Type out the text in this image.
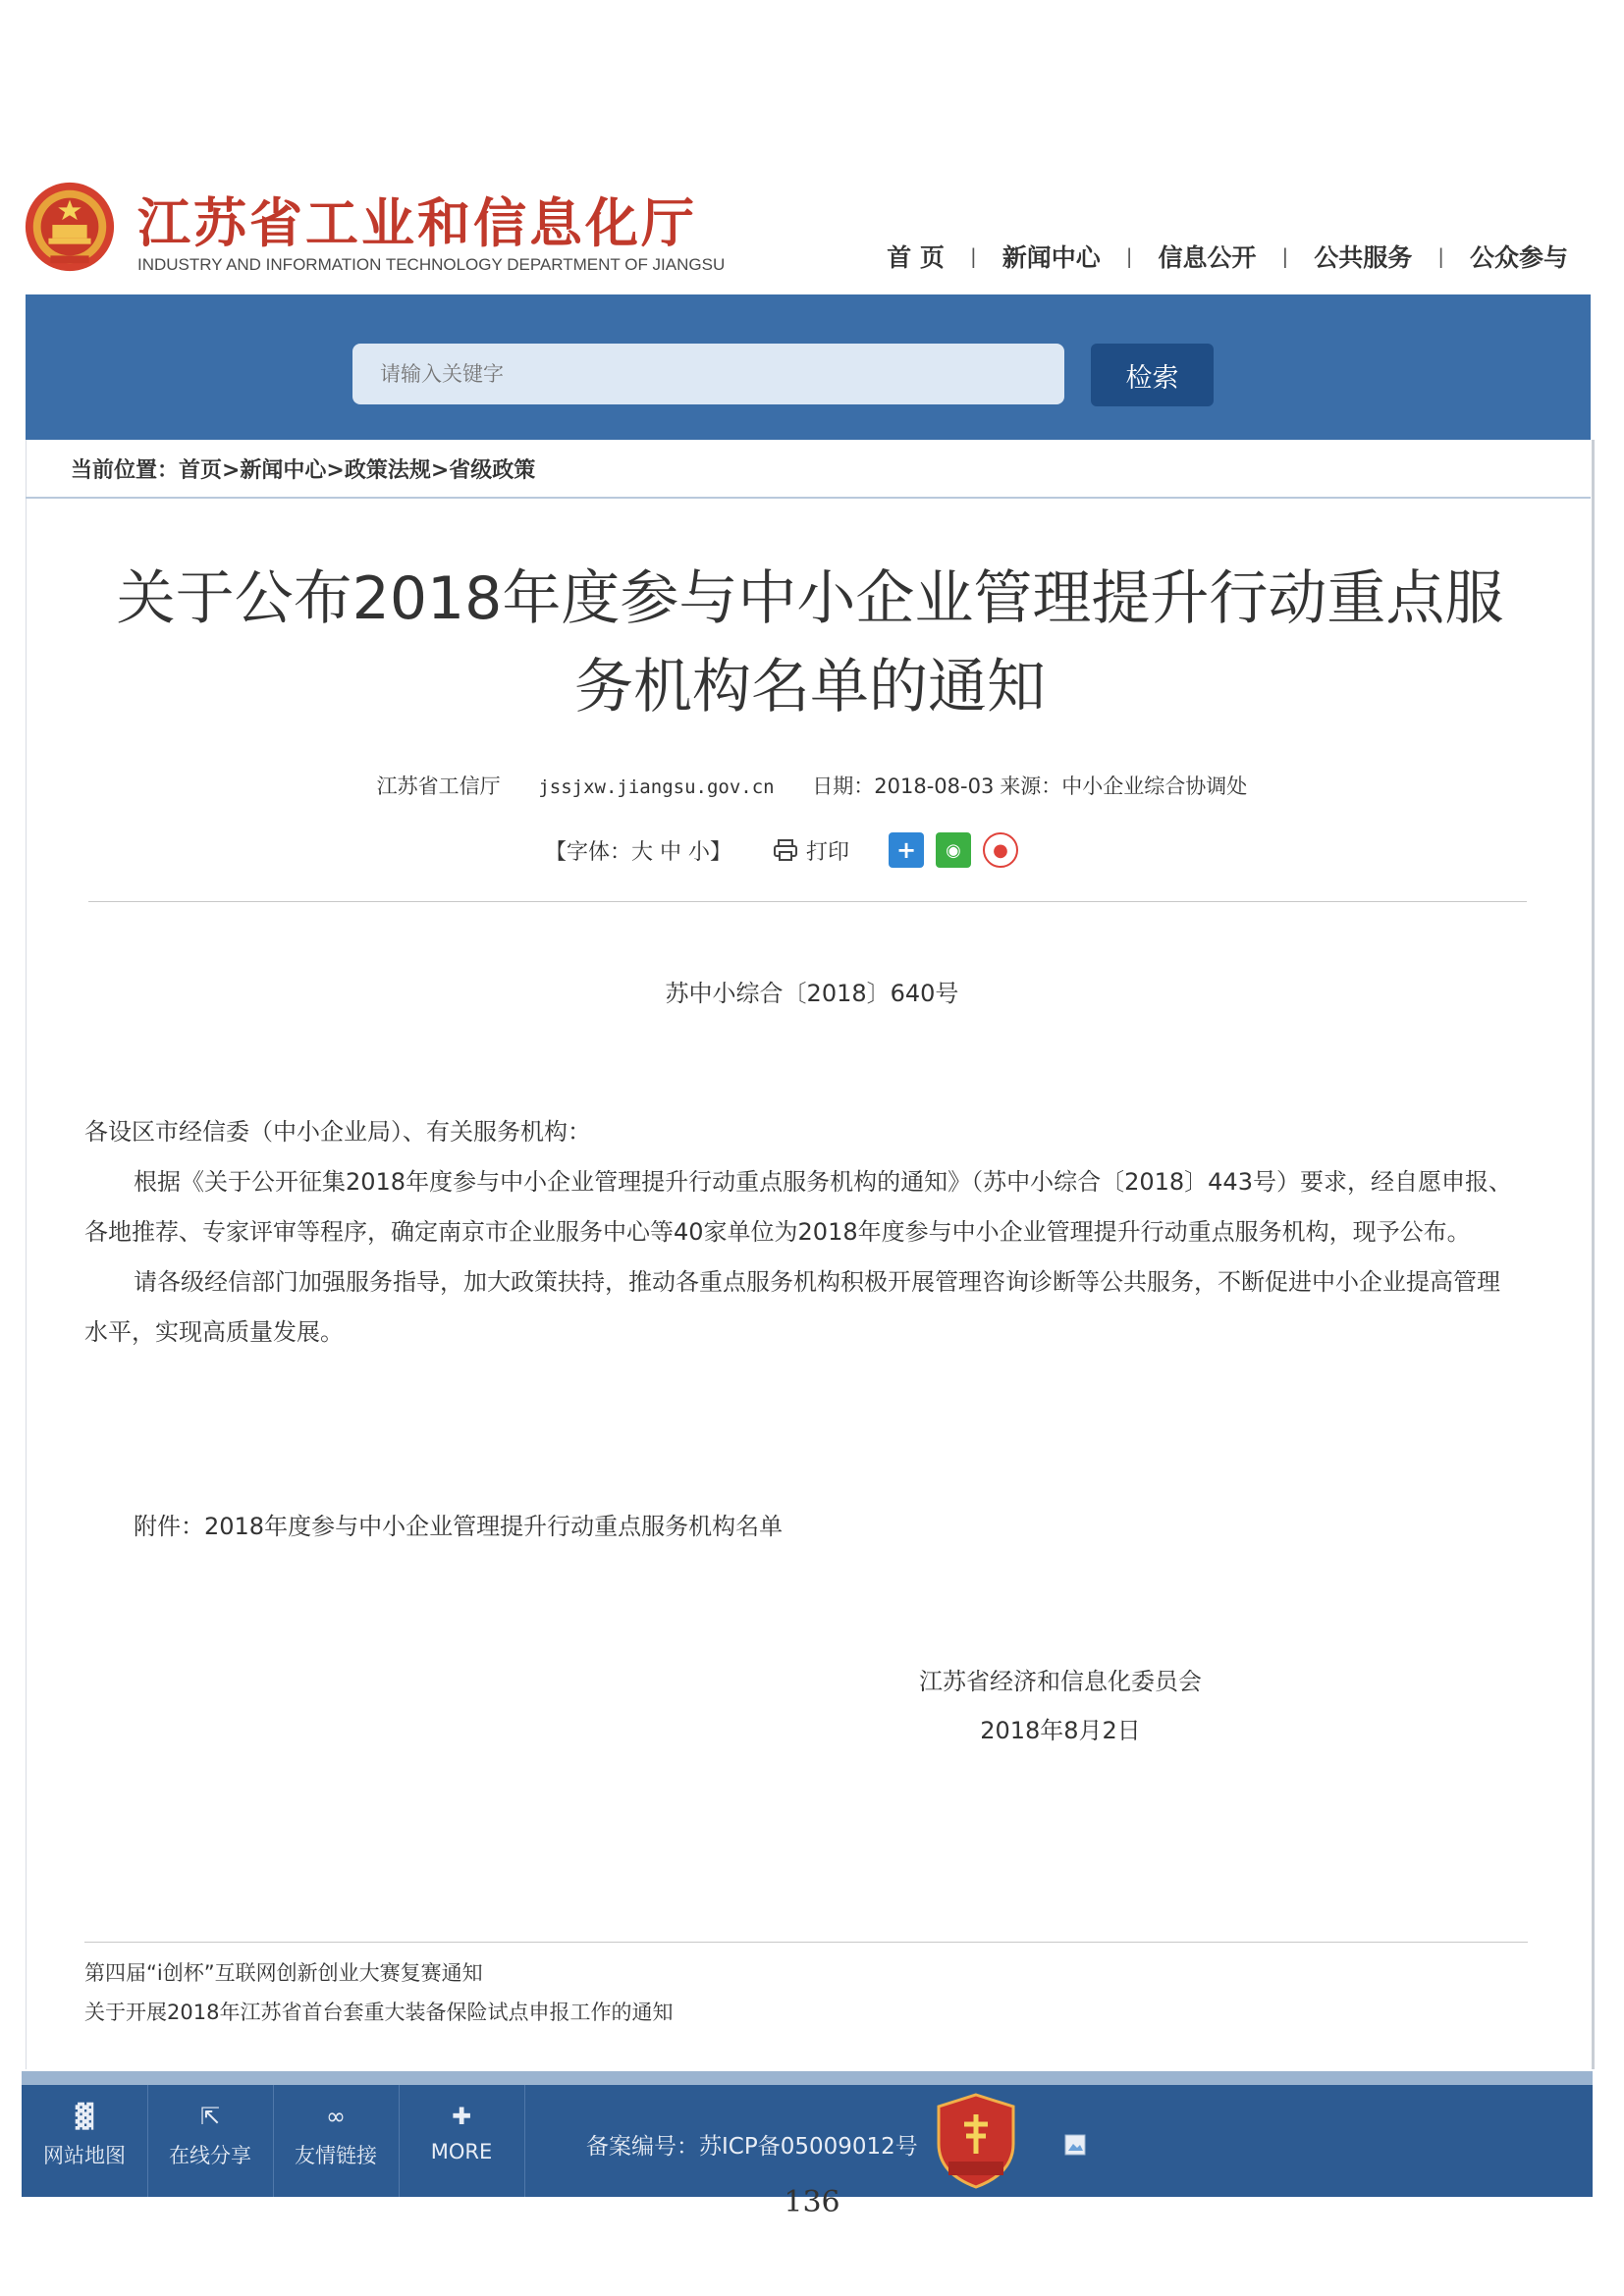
江苏省工业和信息化厅
INDUSTRY AND INFORMATION TECHNOLOGY DEPARTMENT OF JIANGSU	首 页 | 新闻中心 | 信息公开 | 公共服务 | 公众参与
请输入关键字
检索
当前位置：首页>新闻中心>政策法规>省级政策
关于公布2018年度参与中小企业管理提升行动重点服
务机构名单的通知
江苏省工信厅 jssjxw.jiangsu.gov.cn 日期：2018-08-03 来源：中小企业综合协调处
【字体：大 中 小】	打印	+	◉	●
苏中小综合〔2018〕640号

各设区市经信委（中小企业局）、有关服务机构：

根据《关于公开征集2018年度参与中小企业管理提升行动重点服务机构的通知》（苏中小综合〔2018〕443号）要求，经自愿申报、各地推荐、专家评审等程序，确定南京市企业服务中心等40家单位为2018年度参与中小企业管理提升行动重点服务机构，现予公布。

请各级经信部门加强服务指导，加大政策扶持，推动各重点服务机构积极开展管理咨询诊断等公共服务，不断促进中小企业提高管理水平，实现高质量发展。

附件：2018年度参与中小企业管理提升行动重点服务机构名单
江苏省经济和信息化委员会
2018年8月2日
第四届“i创杯”互联网创新创业大赛复赛通知
关于开展2018年江苏省首台套重大装备保险试点申报工作的通知
▓
网站地图
⇱
在线分享
∞
友情链接
✚
MORE	备案编号：苏ICP备05009012号
136
